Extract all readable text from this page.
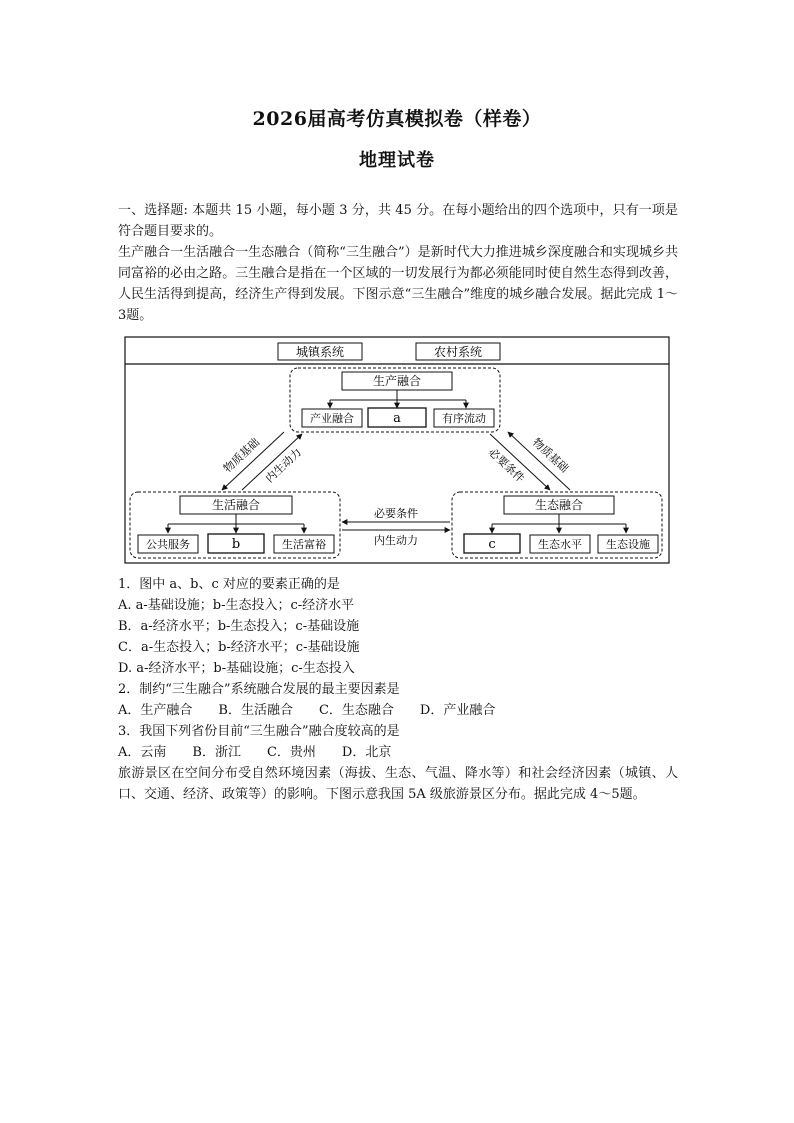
2026届高考仿真模拟卷（样卷）
地理试卷

一、选择题: 本题共 15 小题，每小题 3 分，共 45 分。在每小题给出的四个选项中，只有一项是符合题目要求的。

生产融合一生活融合一生态融合（简称“三生融合”）是新时代大力推进城乡深度融合和实现城乡共同富裕的必由之路。三生融合是指在一个区域的一切发展行为都必须能同时使自然生态得到改善，人民生活得到提高，经济生产得到发展。下图示意“三生融合”维度的城乡融合发展。据此完成 1～3题。

城镇系统	农村系统
生产融合
产业融合	a	有序流动
生活融合
公共服务	b	生活富裕
生态融合
c	生态水平 生态设施
物质基础 内生动力	必要条件 物质基础
必要条件
内生动力

1．图中 a、b、c 对应的要素正确的是

A. a-基础设施；b-生态投入；c-经济水平

B．a-经济水平；b-生态投入；c-基础设施

C．a-生态投入；b-经济水平；c-基础设施

D. a-经济水平；b-基础设施；c-生态投入

2．制约“三生融合”系统融合发展的最主要因素是

A．生产融合 B．生活融合 C．生态融合 D．产业融合

3．我国下列省份目前“三生融合”融合度较高的是

A．云南 B．浙江 C．贵州 D．北京

旅游景区在空间分布受自然环境因素（海拔、生态、气温、降水等）和社会经济因素（城镇、人口、交通、经济、政策等）的影响。下图示意我国 5A 级旅游景区分布。据此完成 4～5题。
